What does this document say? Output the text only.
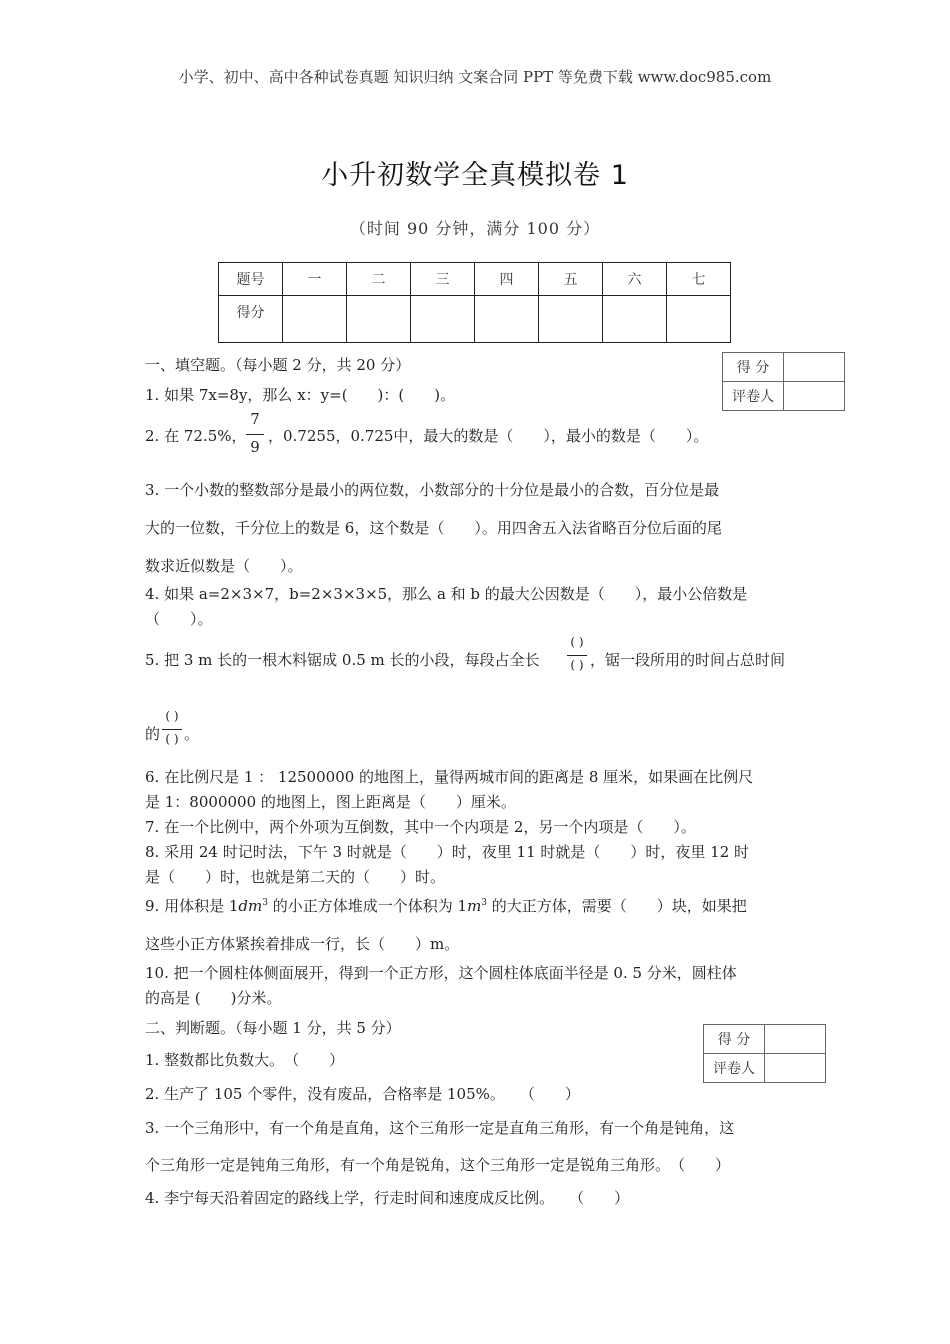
小学、初中、高中各种试卷真题 知识归纳 文案合同 PPT 等免费下载 www.doc985.com
小升初数学全真模拟卷 1
（时间 90 分钟，满分 100 分）
题号	一	二	三	四	五	六	七
得分							
一、填空题。（每小题 2 分，共 20 分）	得 分	
评卷人	
1. 如果 7x=8y，那么 x：y=(　　)：(　　)。
2. 在 72.5%，
7
9
，0.7255，0.725中，最大的数是（　　），最小的数是（　　）。
3. 一个小数的整数部分是最小的两位数，小数部分的十分位是最小的合数，百分位是最
大的一位数，千分位上的数是 6，这个数是（　　）。用四舍五入法省略百分位后面的尾
数求近似数是（　　）。
4. 如果 a=2×3×7，b=2×3×3×5，那么 a 和 b 的最大公因数是（　　），最小公倍数是
（　　）。
5. 把 3 m 长的一根木料锯成 0.5 m 长的小段，每段占全长
( )
( ) ，锯一段所用的时间占总时间
的
( )
( ) 。
6. 在比例尺是 1 ： 12500000 的地图上，量得两城市间的距离是 8 厘米，如果画在比例尺
是 1：8000000 的地图上，图上距离是（　　）厘米。
7. 在一个比例中，两个外项为互倒数，其中一个内项是 2，另一个内项是（　　）。
8. 采用 24 时记时法，下午 3 时就是（　　）时，夜里 11 时就是（　　）时，夜里 12 时
是（　　）时，也就是第二天的（　　）时。
9. 用体积是 $1dm^3$ 的小正方体堆成一个体积为 $1m^3$ 的大正方体，需要（　　）块，如果把
这些小正方体紧挨着排成一行，长（　　）m。
10. 把一个圆柱体侧面展开，得到一个正方形，这个圆柱体底面半径是 0. 5 分米，圆柱体
的高是 (　　)分米。
二、判断题。（每小题 1 分，共 5 分）
得 分	
评卷人	
1. 整数都比负数大。　（　　）
2. 生产了 105 个零件，没有废品，合格率是 105%。　　（　　）
3. 一个三角形中，有一个角是直角，这个三角形一定是直角三角形，有一个角是钝角，这
个三角形一定是钝角三角形，有一个角是锐角，这个三角形一定是锐角三角形。　（　　）
4. 李宁每天沿着固定的路线上学，行走时间和速度成反比例。　　（　　）
